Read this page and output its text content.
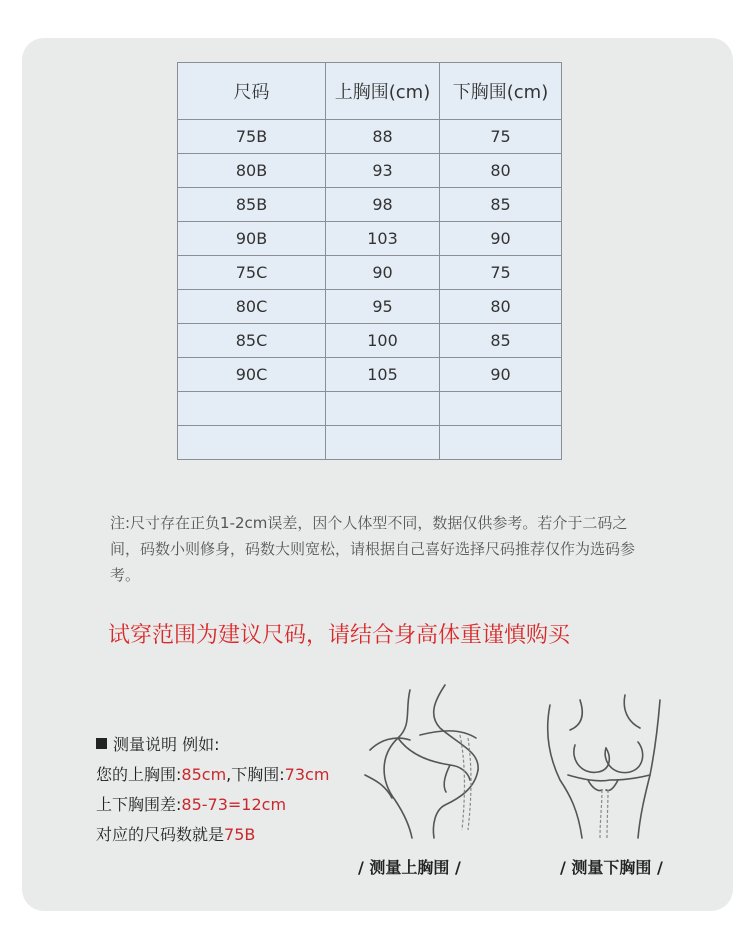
尺码	上胸围(cm)	下胸围(cm)
75B	88	75
80B	93	80
85B	98	85
90B	103	90
75C	90	75
80C	95	80
85C	100	85
90C	105	90

注:尺寸存在正负1-2cm误差，因个人体型不同，数据仅供参考。若介于二码之间，码数小则修身，码数大则宽松，请根据自己喜好选择尺码推荐仅作为选码参考。

试穿范围为建议尺码，请结合身高体重谨慎购买

测量说明 例如:
您的上胸围:85cm,下胸围:73cm
上下胸围差:85-73=12cm
对应的尺码数就是75B
/ 测量上胸围 /	/ 测量下胸围 /
